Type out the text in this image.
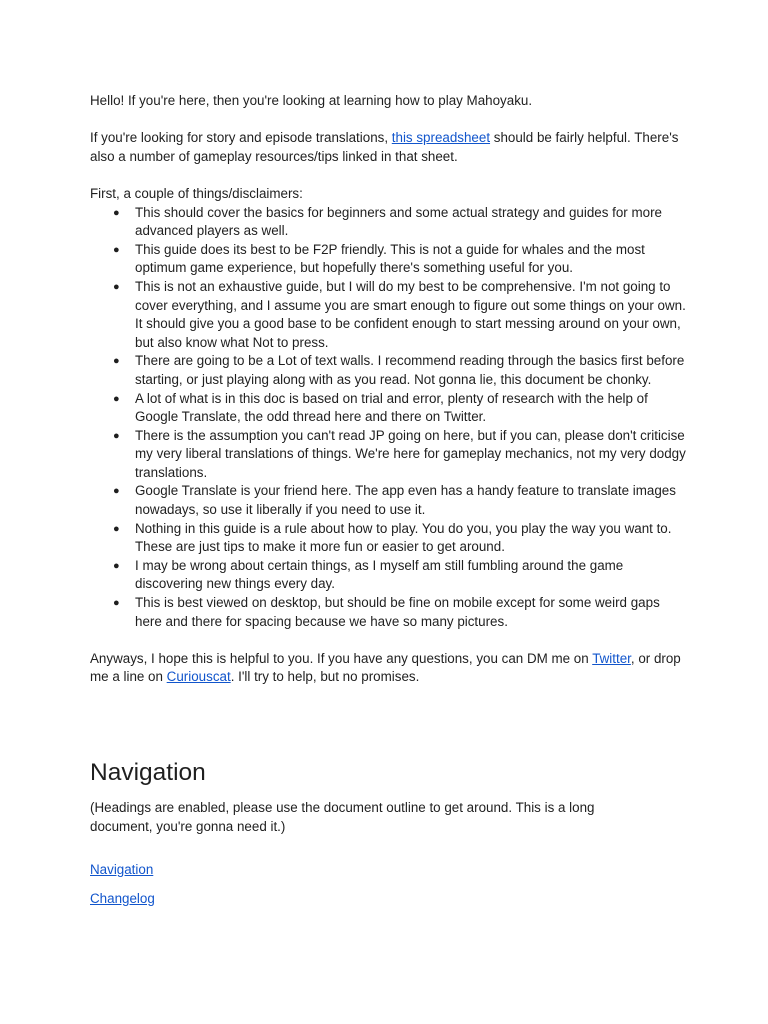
Hello! If you're here, then you're looking at learning how to play Mahoyaku.

If you're looking for story and episode translations, this spreadsheet should be fairly helpful. There's also a number of gameplay resources/tips linked in that sheet.

First, a couple of things/disclaimers:

● This should cover the basics for beginners and some actual strategy and guides for more advanced players as well.
● This guide does its best to be F2P friendly. This is not a guide for whales and the most optimum game experience, but hopefully there's something useful for you.
● This is not an exhaustive guide, but I will do my best to be comprehensive. I'm not going to cover everything, and I assume you are smart enough to figure out some things on your own. It should give you a good base to be confident enough to start messing around on your own, but also know what Not to press.
● There are going to be a Lot of text walls. I recommend reading through the basics first before starting, or just playing along with as you read. Not gonna lie, this document be chonky.
● A lot of what is in this doc is based on trial and error, plenty of research with the help of Google Translate, the odd thread here and there on Twitter.
● There is the assumption you can't read JP going on here, but if you can, please don't criticise my very liberal translations of things. We're here for gameplay mechanics, not my very dodgy translations.
● Google Translate is your friend here. The app even has a handy feature to translate images nowadays, so use it liberally if you need to use it.
● Nothing in this guide is a rule about how to play. You do you, you play the way you want to. These are just tips to make it more fun or easier to get around.
● I may be wrong about certain things, as I myself am still fumbling around the game discovering new things every day.
● This is best viewed on desktop, but should be fine on mobile except for some weird gaps here and there for spacing because we have so many pictures.

Anyways, I hope this is helpful to you. If you have any questions, you can DM me on Twitter, or drop me a line on Curiouscat. I'll try to help, but no promises.

Navigation

(Headings are enabled, please use the document outline to get around. This is a long document, you're gonna need it.)

Navigation
Changelog
